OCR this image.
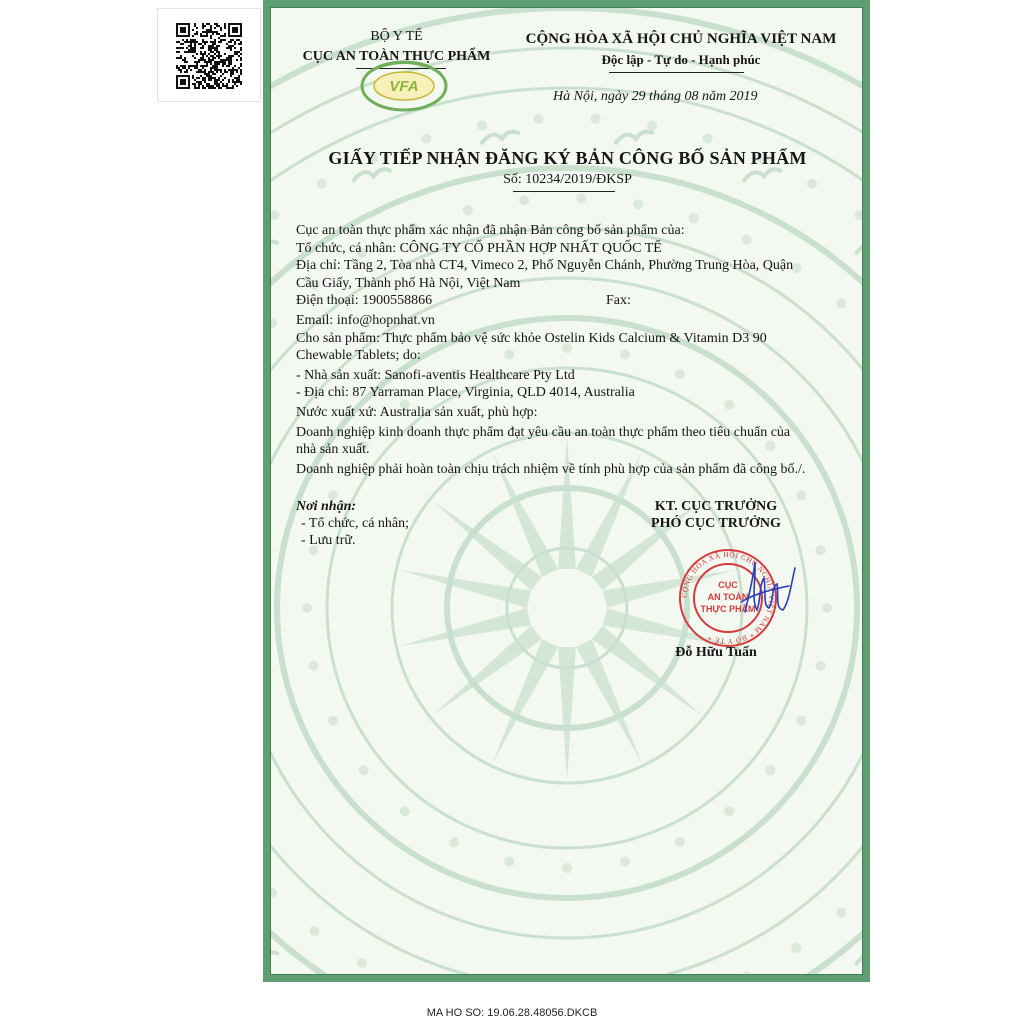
BỘ Y TẾ
CỤC AN TOÀN THỰC PHẨM
VFA
CỘNG HÒA XÃ HỘI CHỦ NGHĨA VIỆT NAM
Độc lập - Tự do - Hạnh phúc
Hà Nội, ngày 29 tháng 08 năm 2019
GIẤY TIẾP NHẬN ĐĂNG KÝ BẢN CÔNG BỐ SẢN PHẨM
Số: 10234/2019/ĐKSP
Cục an toàn thực phẩm xác nhận đã nhận Bản công bố sản phẩm của:
Tổ chức, cá nhân: CÔNG TY CỔ PHẦN HỢP NHẤT QUỐC TẾ
Địa chỉ: Tầng 2, Tòa nhà CT4, Vimeco 2, Phố Nguyễn Chánh, Phường Trung Hòa, Quận
Cầu Giấy, Thành phố Hà Nội, Việt Nam
Điện thoại: 1900558866	Fax:
Email: info@hopnhat.vn
Cho sản phẩm: Thực phẩm bảo vệ sức khỏe Ostelin Kids Calcium & Vitamin D3 90
Chewable Tablets; do:
- Nhà sản xuất: Sanofi-aventis Healthcare Pty Ltd
- Địa chỉ: 87 Yarraman Place, Virginia, QLD 4014, Australia
Nước xuất xứ: Australia sản xuất, phù hợp:
Doanh nghiệp kinh doanh thực phẩm đạt yêu cầu an toàn thực phẩm theo tiêu chuẩn của
nhà sản xuất.
Doanh nghiệp phải hoàn toàn chịu trách nhiệm về tính phù hợp của sản phẩm đã công bố./.
Nơi nhận:
- Tổ chức, cá nhân;
- Lưu trữ.
KT. CỤC TRƯỞNG
PHÓ CỤC TRƯỞNG
CỘNG HÒA XÃ HỘI CHỦ NGHĨA VIỆT NAM * BỘ Y TẾ *
CỤC
AN TOÀN
THỰC PHẨM
Đỗ Hữu Tuấn
MA HO SO: 19.06.28.48056.DKCB
